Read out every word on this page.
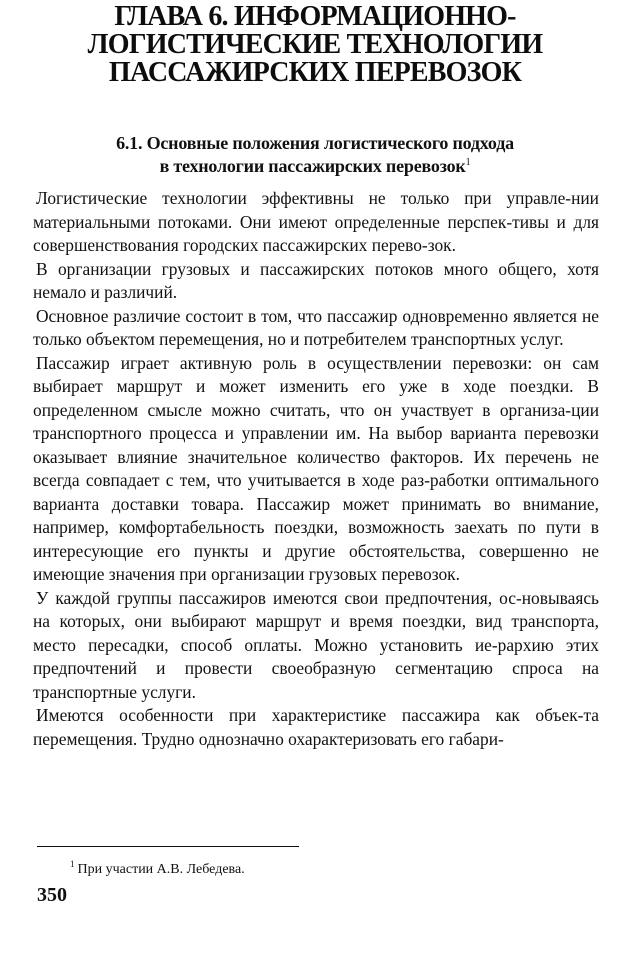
ГЛАВА 6. ИНФОРМАЦИОННО-
ЛОГИСТИЧЕСКИЕ ТЕХНОЛОГИИ
ПАССАЖИРСКИХ ПЕРЕВОЗОК
6.1. Основные положения логистического подхода
в технологии пассажирских перевозок$^1$

Логистические технологии эффективны не только при управле-нии материальными потоками. Они имеют определенные перспек-тивы и для совершенствования городских пассажирских перево-зок.

В организации грузовых и пассажирских потоков много общего, хотя немало и различий.

Основное различие состоит в том, что пассажир одновременно является не только объектом перемещения, но и потребителем транспортных услуг.

Пассажир играет активную роль в осуществлении перевозки: он сам выбирает маршрут и может изменить его уже в ходе поездки. В определенном смысле можно считать, что он участвует в организа-ции транспортного процесса и управлении им. На выбор варианта перевозки оказывает влияние значительное количество факторов. Их перечень не всегда совпадает с тем, что учитывается в ходе раз-работки оптимального варианта доставки товара. Пассажир может принимать во внимание, например, комфортабельность поездки, возможность заехать по пути в интересующие его пункты и другие обстоятельства, совершенно не имеющие значения при организации грузовых перевозок.

У каждой группы пассажиров имеются свои предпочтения, ос-новываясь на которых, они выбирают маршрут и время поездки, вид транспорта, место пересадки, способ оплаты. Можно установить ие-рархию этих предпочтений и провести своеобразную сегментацию спроса на транспортные услуги.

Имеются особенности при характеристике пассажира как объек-та перемещения. Трудно однозначно охарактеризовать его габари-

$^1$ При участии А.В. Лебедева.

350
